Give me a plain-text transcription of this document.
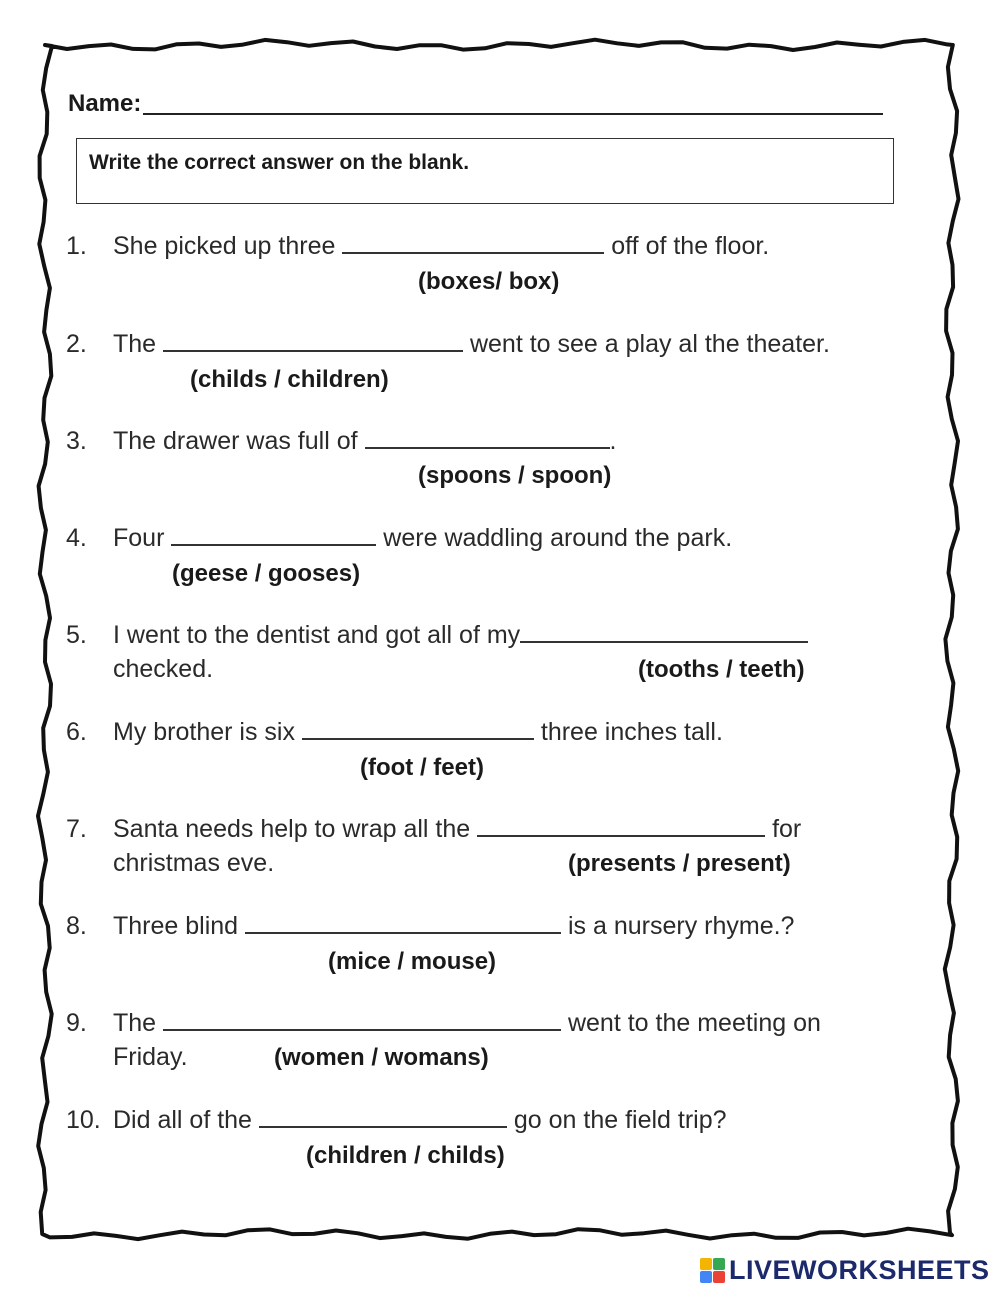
Name:
Write the correct answer on the blank.
1. She picked up three	off of the floor.
(boxes/ box)
2. The	went to see a play al the theater.
(childs / children)
3. The drawer was full of	.
(spoons / spoon)
4. Four	were waddling around the park.
(geese / gooses)
5. I went to the dentist and got all of my
checked.	(tooths / teeth)
6. My brother is six	three inches tall.
(foot / feet)
7. Santa needs help to wrap all the	for
christmas eve.	(presents / present)
8. Three blind	is a nursery rhyme.?
(mice / mouse)
9. The	went to the meeting on
Friday.	(women / womans)
10. Did all of the	go on the field trip?
(children / childs)
LIVEWORKSHEETS
